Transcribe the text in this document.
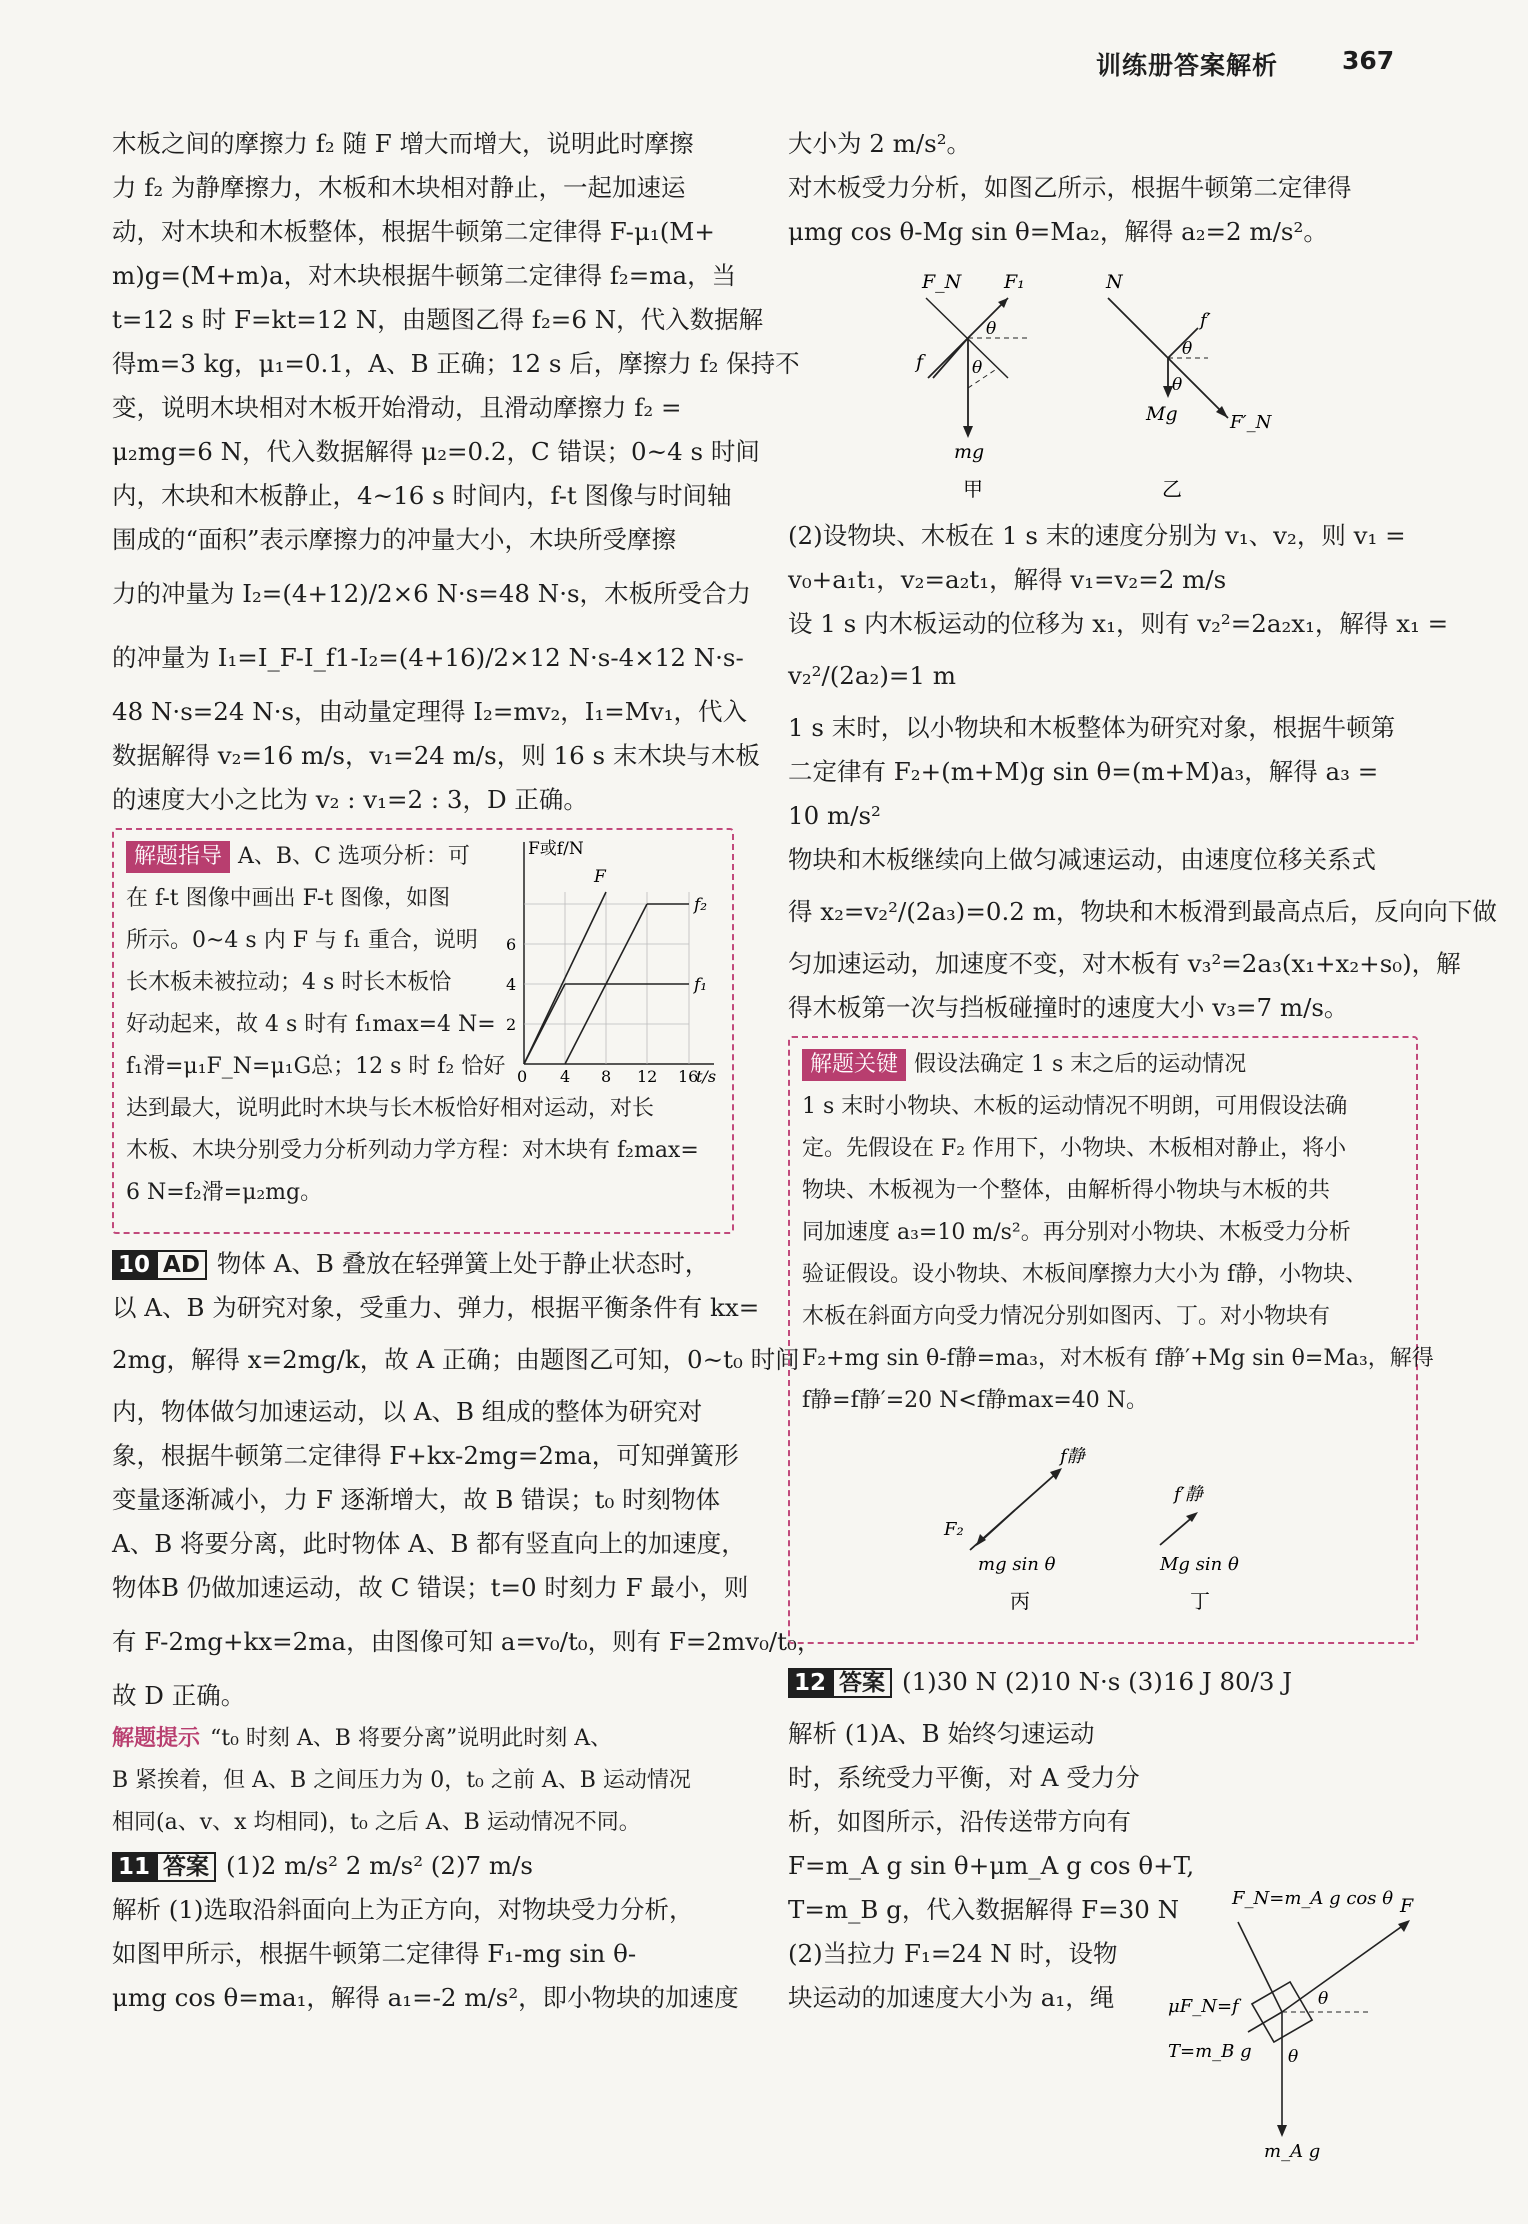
训练册答案解析	367
木板之间的摩擦力 f₂ 随 F 增大而增大，说明此时摩擦
力 f₂ 为静摩擦力，木板和木块相对静止，一起加速运
动，对木块和木板整体，根据牛顿第二定律得 F-μ₁(M+
m)g=(M+m)a，对木块根据牛顿第二定律得 f₂=ma，当
t=12 s 时 F=kt=12 N，由题图乙得 f₂=6 N，代入数据解
得m=3 kg，μ₁=0.1，A、B 正确；12 s 后，摩擦力 f₂ 保持不
变，说明木块相对木板开始滑动，且滑动摩擦力 f₂ =
μ₂mg=6 N，代入数据解得 μ₂=0.2，C 错误；0~4 s 时间
内，木块和木板静止，4~16 s 时间内，f-t 图像与时间轴
围成的“面积”表示摩擦力的冲量大小，木块所受摩擦
力的冲量为 I₂=(4+12)/2×6 N·s=48 N·s，木板所受合力
的冲量为 I₁=I_F-I_f1-I₂=(4+16)/2×12 N·s-4×12 N·s-
48 N·s=24 N·s，由动量定理得 I₂=mv₂，I₁=Mv₁，代入
数据解得 v₂=16 m/s，v₁=24 m/s，则 16 s 末木块与木板
的速度大小之比为 v₂ : v₁=2 : 3，D 正确。
解题指导 A、B、C 选项分析：可
在 f-t 图像中画出 F-t 图像，如图
所示。0~4 s 内 F 与 f₁ 重合，说明
长木板未被拉动；4 s 时长木板恰
好动起来，故 4 s 时有 f₁max=4 N=
f₁滑=μ₁F_N=μ₁G总；12 s 时 f₂ 恰好
达到最大，说明此时木块与长木板恰好相对运动，对长
木板、木块分别受力分析列动力学方程：对木块有 f₂max=
6 N=f₂滑=μ₂mg。
F或f/N
F
f₂
f₁
2
4
6
0 4 8 12 16
t/s
10 AD 物体 A、B 叠放在轻弹簧上处于静止状态时，
以 A、B 为研究对象，受重力、弹力，根据平衡条件有 kx=
2mg，解得 x=2mg/k，故 A 正确；由题图乙可知，0~t₀ 时间
内，物体做匀加速运动，以 A、B 组成的整体为研究对
象，根据牛顿第二定律得 F+kx-2mg=2ma，可知弹簧形
变量逐渐减小，力 F 逐渐增大，故 B 错误；t₀ 时刻物体
A、B 将要分离，此时物体 A、B 都有竖直向上的加速度，
物体B 仍做加速运动，故 C 错误；t=0 时刻力 F 最小，则
有 F-2mg+kx=2ma，由图像可知 a=v₀/t₀，则有 F=2mv₀/t₀，
故 D 正确。
解题提示 “t₀ 时刻 A、B 将要分离”说明此时刻 A、
B 紧挨着，但 A、B 之间压力为 0，t₀ 之前 A、B 运动情况
相同(a、v、x 均相同)，t₀ 之后 A、B 运动情况不同。
11 答案 (1)2 m/s² 2 m/s² (2)7 m/s
解析 (1)选取沿斜面向上为正方向，对物块受力分析，
如图甲所示，根据牛顿第二定律得 F₁-mg sin θ-
μmg cos θ=ma₁，解得 a₁=-2 m/s²，即小物块的加速度
大小为 2 m/s²。
对木板受力分析，如图乙所示，根据牛顿第二定律得
μmg cos θ-Mg sin θ=Ma₂，解得 a₂=2 m/s²。
F_N F₁
θ
f	θ
mg
甲
N
f′
θ
θ
Mg	F′_N
乙
(2)设物块、木板在 1 s 末的速度分别为 v₁、v₂，则 v₁ =
v₀+a₁t₁，v₂=a₂t₁，解得 v₁=v₂=2 m/s
设 1 s 内木板运动的位移为 x₁，则有 v₂²=2a₂x₁，解得 x₁ =
v₂²/(2a₂)=1 m
1 s 末时，以小物块和木板整体为研究对象，根据牛顿第
二定律有 F₂+(m+M)g sin θ=(m+M)a₃，解得 a₃ =
10 m/s²
物块和木板继续向上做匀减速运动，由速度位移关系式
得 x₂=v₂²/(2a₃)=0.2 m，物块和木板滑到最高点后，反向向下做
匀加速运动，加速度不变，对木板有 v₃²=2a₃(x₁+x₂+s₀)，解
得木板第一次与挡板碰撞时的速度大小 v₃=7 m/s。
解题关键 假设法确定 1 s 末之后的运动情况
1 s 末时小物块、木板的运动情况不明朗，可用假设法确
定。先假设在 F₂ 作用下，小物块、木板相对静止，将小
物块、木板视为一个整体，由解析得小物块与木板的共
同加速度 a₃=10 m/s²。再分别对小物块、木板受力分析
验证假设。设小物块、木板间摩擦力大小为 f静，小物块、
木板在斜面方向受力情况分别如图丙、丁。对小物块有
F₂+mg sin θ-f静=ma₃，对木板有 f静′+Mg sin θ=Ma₃，解得
f静=f静′=20 N<f静max=40 N。
f静
F₂
mg sin θ
丙
f′静
Mg sin θ
丁
12 答案 (1)30 N (2)10 N·s (3)16 J 80/3 J
解析 (1)A、B 始终匀速运动
时，系统受力平衡，对 A 受力分
析，如图所示，沿传送带方向有
F=m_A g sin θ+μm_A g cos θ+T,
T=m_B g，代入数据解得 F=30 N
(2)当拉力 F₁=24 N 时，设物
块运动的加速度大小为 a₁，绳
F_N=m_A g cos θ F
μF_N=f	θ
T=m_B g θ
m_A g
